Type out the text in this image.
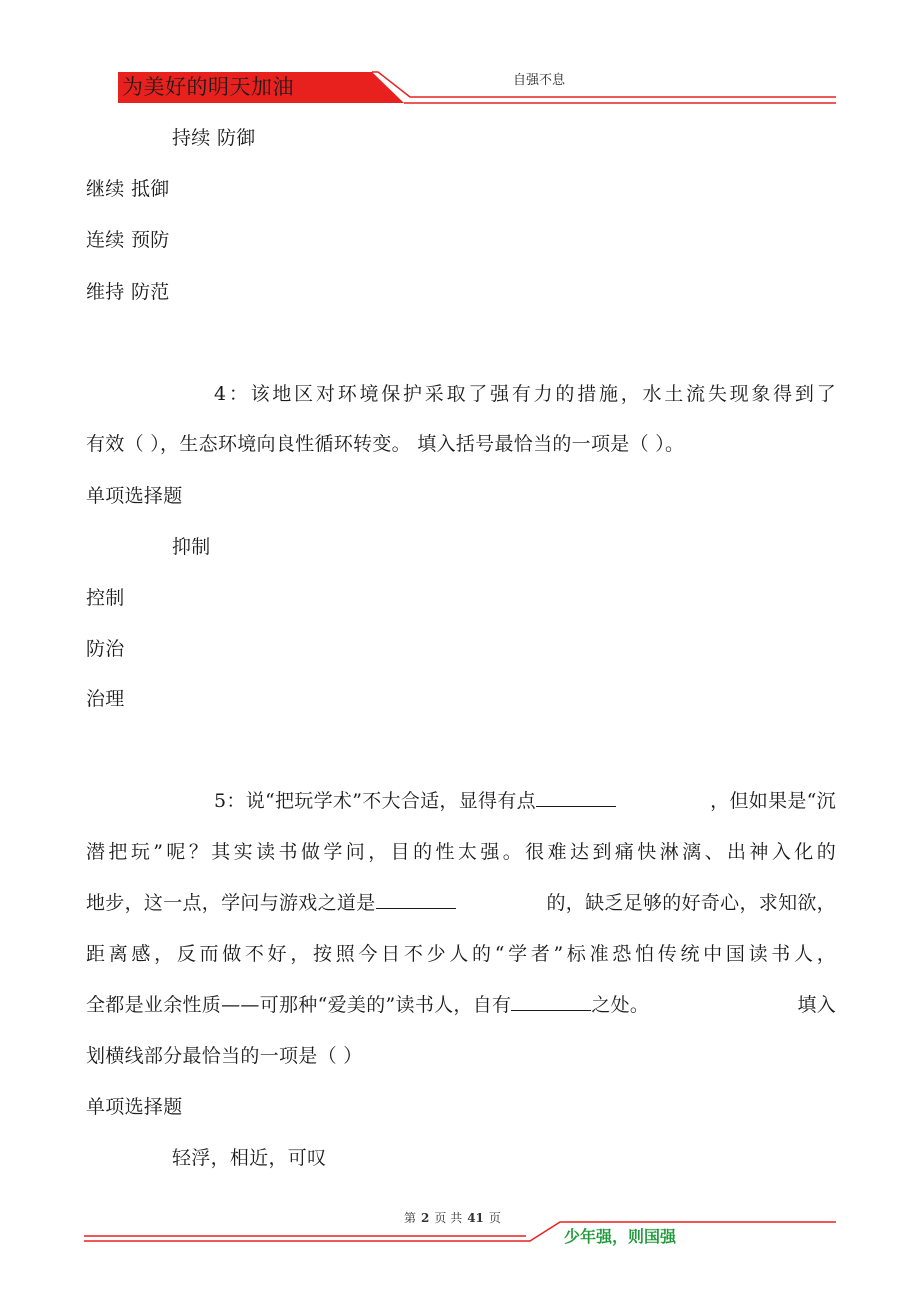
为美好的明天加油	自强不息
持续 防御
继续 抵御
连续 预防
维持 防范
4：该地区对环境保护采取了强有力的措施，水土流失现象得到了
有效（ ），生态环境向良性循环转变。 填入括号最恰当的一项是（ ）。
单项选择题
抑制
控制
防治
治理
5：说“把玩学术”不大合适，显得有点	，但如果是“沉
潜把玩”呢？其实读书做学问，目的性太强。很难达到痛快淋漓、出神入化的
地步，这一点，学问与游戏之道是	的，缺乏足够的好奇心，求知欲，
距离感，反而做不好，按照今日不少人的“学者”标准恐怕传统中国读书人，
全都是业余性质——可那种“爱美的”读书人，自有	之处。	填入
划横线部分最恰当的一项是（ ）
单项选择题
轻浮，相近，可叹
第 2 页 共 41 页
少年强，则国强
